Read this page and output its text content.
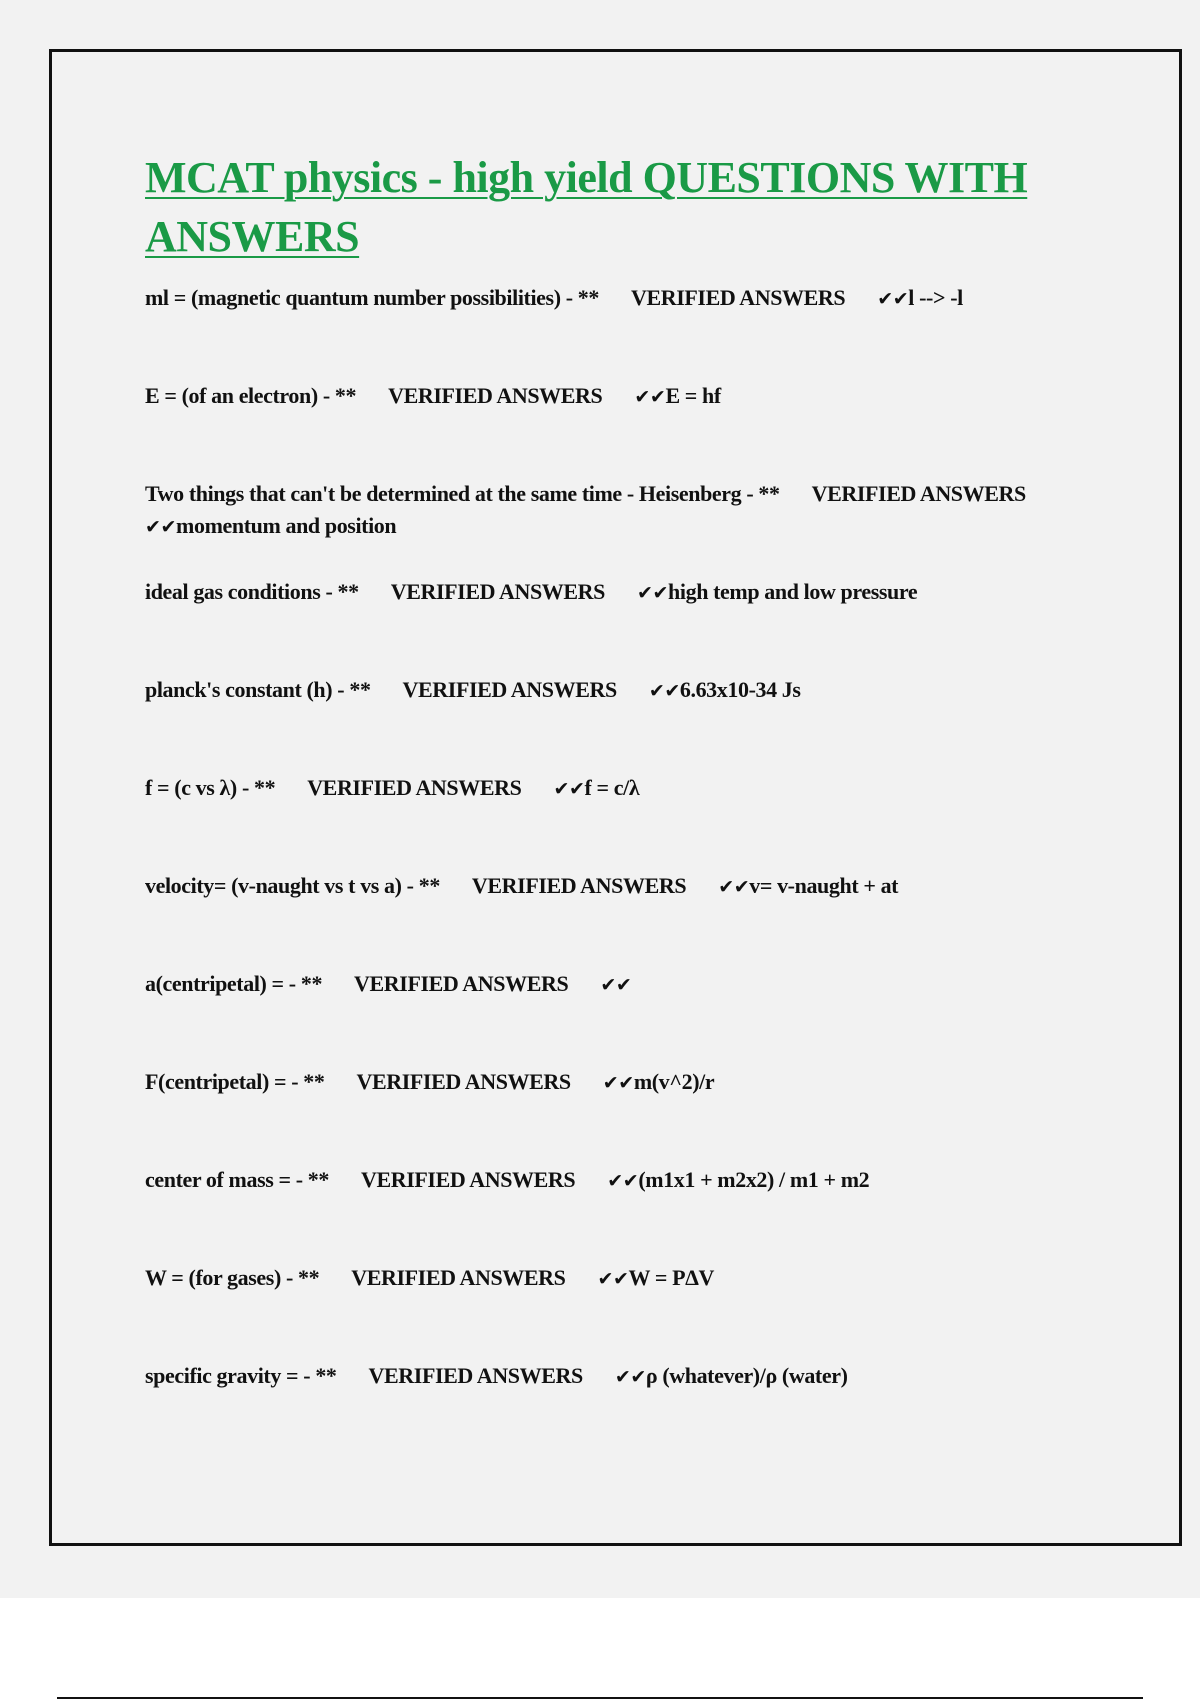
MCAT physics - high yield QUESTIONS WITH ANSWERS
ml = (magnetic quantum number possibilities) - ** VERIFIED ANSWERS ✔✔l --> -l
E = (of an electron) - ** VERIFIED ANSWERS ✔✔E = hf
Two things that can't be determined at the same time - Heisenberg - ** VERIFIED ANSWERS✔✔momentum and position
ideal gas conditions - ** VERIFIED ANSWERS ✔✔high temp and low pressure
planck's constant (h) - ** VERIFIED ANSWERS ✔✔6.63x10-34 Js
f = (c vs λ) - ** VERIFIED ANSWERS ✔✔f = c/λ
velocity= (v-naught vs t vs a) - ** VERIFIED ANSWERS ✔✔v= v-naught + at
a(centripetal) = - ** VERIFIED ANSWERS ✔✔
F(centripetal) = - ** VERIFIED ANSWERS ✔✔m(v^2)/r
center of mass = - ** VERIFIED ANSWERS ✔✔(m1x1 + m2x2) / m1 + m2
W = (for gases) - ** VERIFIED ANSWERS ✔✔W = PΔV
specific gravity = - ** VERIFIED ANSWERS ✔✔ρ (whatever)/ρ (water)
